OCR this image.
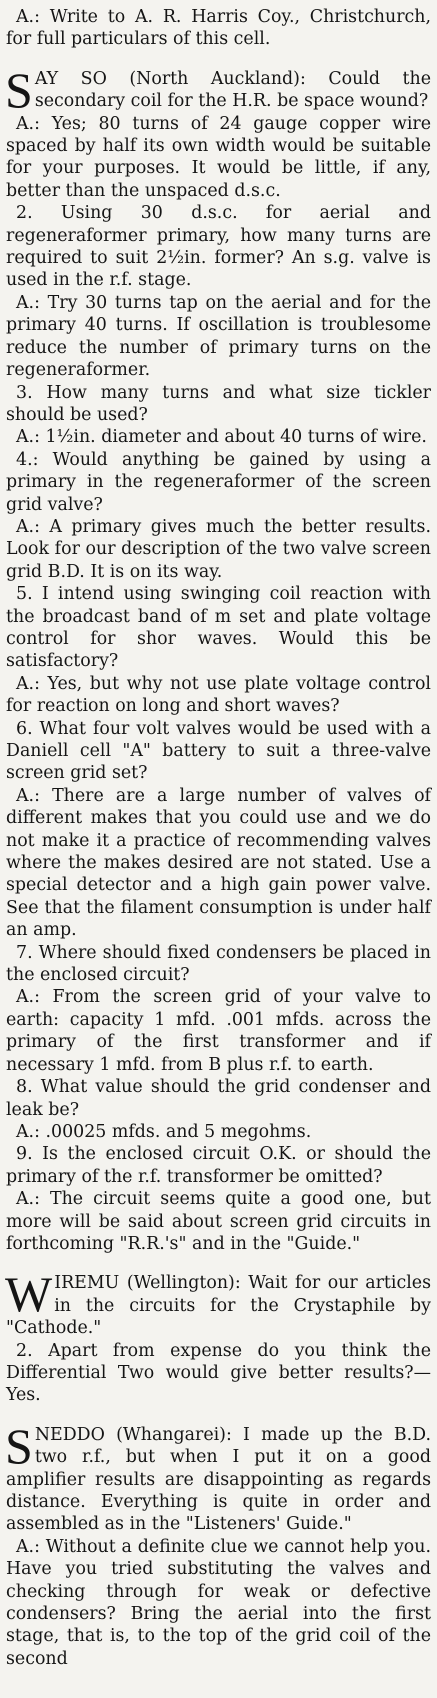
A.: Write to A. R. Harris Coy., Christchurch, for full particulars of this cell.

SAY SO (North Auckland): Could the secondary coil for the H.R. be space wound?

A.: Yes; 80 turns of 24 gauge copper wire spaced by half its own width would be suitable for your purposes. It would be little, if any, better than the unspaced d.s.c.

2. Using 30 d.s.c. for aerial and regeneraformer primary, how many turns are required to suit 2½in. former? An s.g. valve is used in the r.f. stage.

A.: Try 30 turns tap on the aerial and for the primary 40 turns. If oscillation is troublesome reduce the number of primary turns on the regeneraformer.

3. How many turns and what size tickler should be used?

A.: 1½in. diameter and about 40 turns of wire.

4.: Would anything be gained by using a primary in the regeneraformer of the screen grid valve?

A.: A primary gives much the better results. Look for our description of the two valve screen grid B.D. It is on its way.

5. I intend using swinging coil reaction with the broadcast band of m set and plate voltage control for shor waves. Would this be satisfactory?

A.: Yes, but why not use plate voltage control for reaction on long and short waves?

6. What four volt valves would be used with a Daniell cell "A" battery to suit a three-valve screen grid set?

A.: There are a large number of valves of different makes that you could use and we do not make it a practice of recommending valves where the makes desired are not stated. Use a special detector and a high gain power valve. See that the filament consumption is under half an amp.

7. Where should fixed condensers be placed in the enclosed circuit?

A.: From the screen grid of your valve to earth: capacity 1 mfd. .001 mfds. across the primary of the first transformer and if necessary 1 mfd. from B plus r.f. to earth.

8. What value should the grid condenser and leak be?

A.: .00025 mfds. and 5 megohms.

9. Is the enclosed circuit O.K. or should the primary of the r.f. transformer be omitted?

A.: The circuit seems quite a good one, but more will be said about screen grid circuits in forthcoming "R.R.'s" and in the "Guide."

WIREMU (Wellington): Wait for our articles in the circuits for the Crystaphile by "Cathode."

2. Apart from expense do you think the Differential Two would give better results?—Yes.

SNEDDO (Whangarei): I made up the B.D. two r.f., but when I put it on a good amplifier results are disappointing as regards distance. Everything is quite in order and assembled as in the "Listeners' Guide."

A.: Without a definite clue we cannot help you. Have you tried substituting the valves and checking through for weak or defective condensers? Bring the aerial into the first stage, that is, to the top of the grid coil of the second
